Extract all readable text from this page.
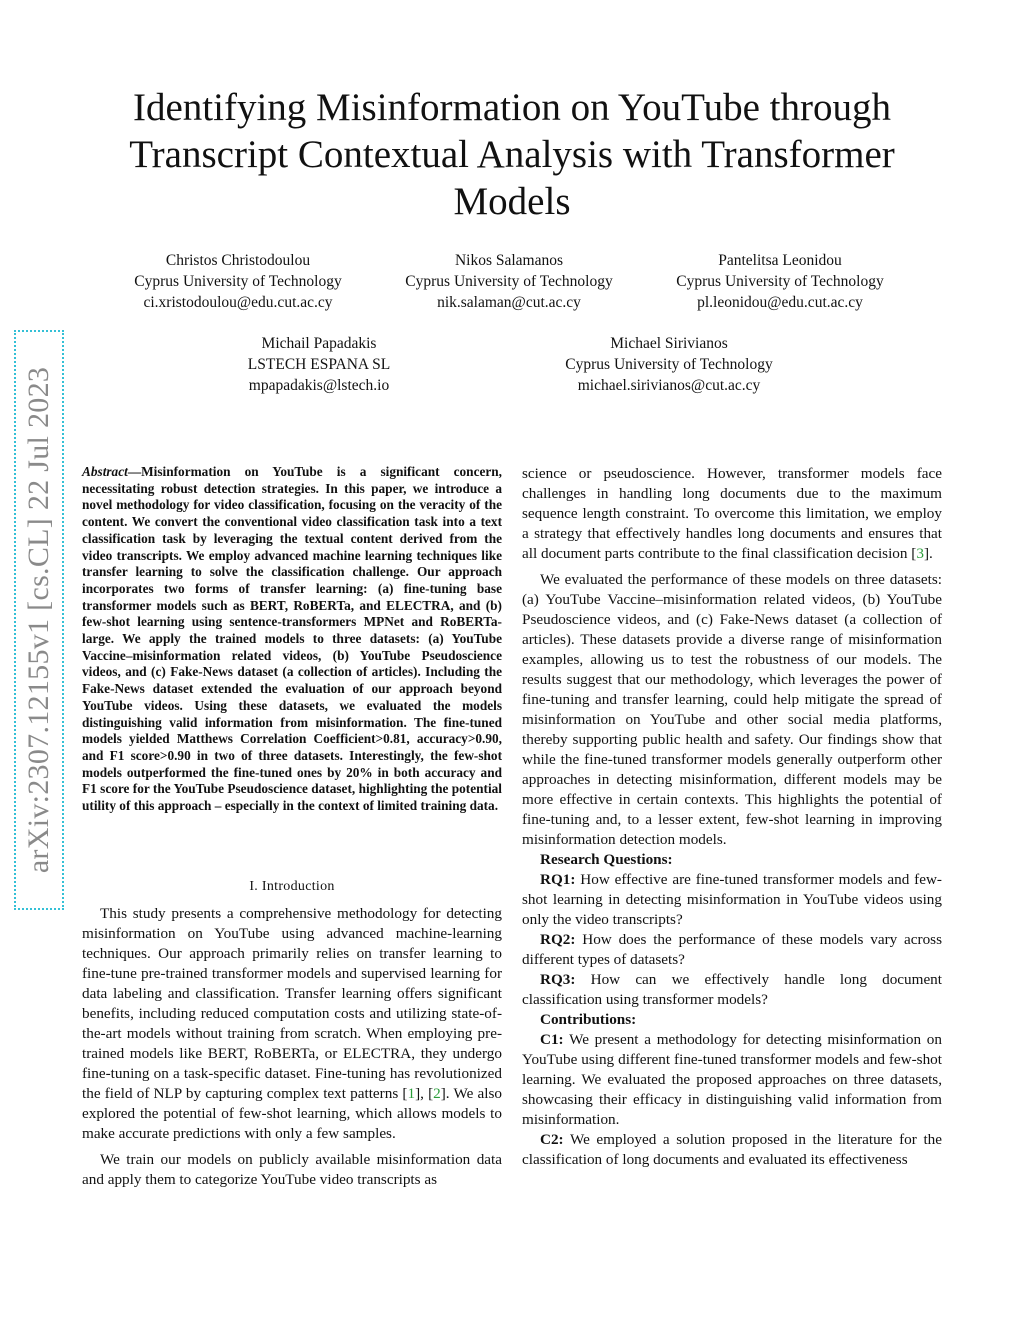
Identifying Misinformation on YouTube through
Transcript Contextual Analysis with Transformer
Models
Christos Christodoulou
Cyprus University of Technology
ci.xristodoulou@edu.cut.ac.cy
Nikos Salamanos
Cyprus University of Technology
nik.salaman@cut.ac.cy
Pantelitsa Leonidou
Cyprus University of Technology
pl.leonidou@edu.cut.ac.cy
Michail Papadakis
LSTECH ESPANA SL
mpapadakis@lstech.io
Michael Sirivianos
Cyprus University of Technology
michael.sirivianos@cut.ac.cy
arXiv:2307.12155v1 [cs.CL] 22 Jul 2023 Abstract—Misinformation on YouTube is a significant concern, necessitating robust detection strategies. In this paper, we introduce a novel methodology for video classification, focusing on the veracity of the content. We convert the conventional video classification task into a text classification task by leveraging the textual content derived from the video transcripts. We employ advanced machine learning techniques like transfer learning to solve the classification challenge. Our approach incorporates two forms of transfer learning: (a) fine-tuning base transformer models such as BERT, RoBERTa, and ELECTRA, and (b) few-shot learning using sentence-transformers MPNet and RoBERTa-large. We apply the trained models to three datasets: (a) YouTube Vaccine–misinformation related videos, (b) YouTube Pseudoscience videos, and (c) Fake-News dataset (a collection of articles). Including the Fake-News dataset extended the evaluation of our approach beyond YouTube videos. Using these datasets, we evaluated the models distinguishing valid information from misinformation. The fine-tuned models yielded Matthews Correlation Coefficient>0.81, accuracy>0.90, and F1 score>0.90 in two of three datasets. Interestingly, the few-shot models outperformed the fine-tuned ones by 20% in both accuracy and F1 score for the YouTube Pseudoscience dataset, highlighting the potential utility of this approach – especially in the context of limited training data.
I. Introduction

This study presents a comprehensive methodology for detecting misinformation on YouTube using advanced machine-learning techniques. Our approach primarily relies on transfer learning to fine-tune pre-trained transformer models and supervised learning for data labeling and classification. Transfer learning offers significant benefits, including reduced computation costs and utilizing state-of-the-art models without training from scratch. When employing pre-trained models like BERT, RoBERTa, or ELECTRA, they undergo fine-tuning on a task-specific dataset. Fine-tuning has revolutionized the field of NLP by capturing complex text patterns [1], [2]. We also explored the potential of few-shot learning, which allows models to make accurate predictions with only a few samples.

We train our models on publicly available misinformation data and apply them to categorize YouTube video transcripts as

science or pseudoscience. However, transformer models face challenges in handling long documents due to the maximum sequence length constraint. To overcome this limitation, we employ a strategy that effectively handles long documents and ensures that all document parts contribute to the final classification decision [3].

We evaluated the performance of these models on three datasets: (a) YouTube Vaccine–misinformation related videos, (b) YouTube Pseudoscience videos, and (c) Fake-News dataset (a collection of articles). These datasets provide a diverse range of misinformation examples, allowing us to test the robustness of our models. The results suggest that our methodology, which leverages the power of fine-tuning and transfer learning, could help mitigate the spread of misinformation on YouTube and other social media platforms, thereby supporting public health and safety. Our findings show that while the fine-tuned transformer models generally outperform other approaches in detecting misinformation, different models may be more effective in certain contexts. This highlights the potential of fine-tuning and, to a lesser extent, few-shot learning in improving misinformation detection models.

Research Questions:

RQ1: How effective are fine-tuned transformer models and few-shot learning in detecting misinformation in YouTube videos using only the video transcripts?

RQ2: How does the performance of these models vary across different types of datasets?

RQ3: How can we effectively handle long document classification using transformer models?

Contributions:

C1: We present a methodology for detecting misinformation on YouTube using different fine-tuned transformer models and few-shot learning. We evaluated the proposed approaches on three datasets, showcasing their efficacy in distinguishing valid information from misinformation.

C2: We employed a solution proposed in the literature for the classification of long documents and evaluated its effectiveness
